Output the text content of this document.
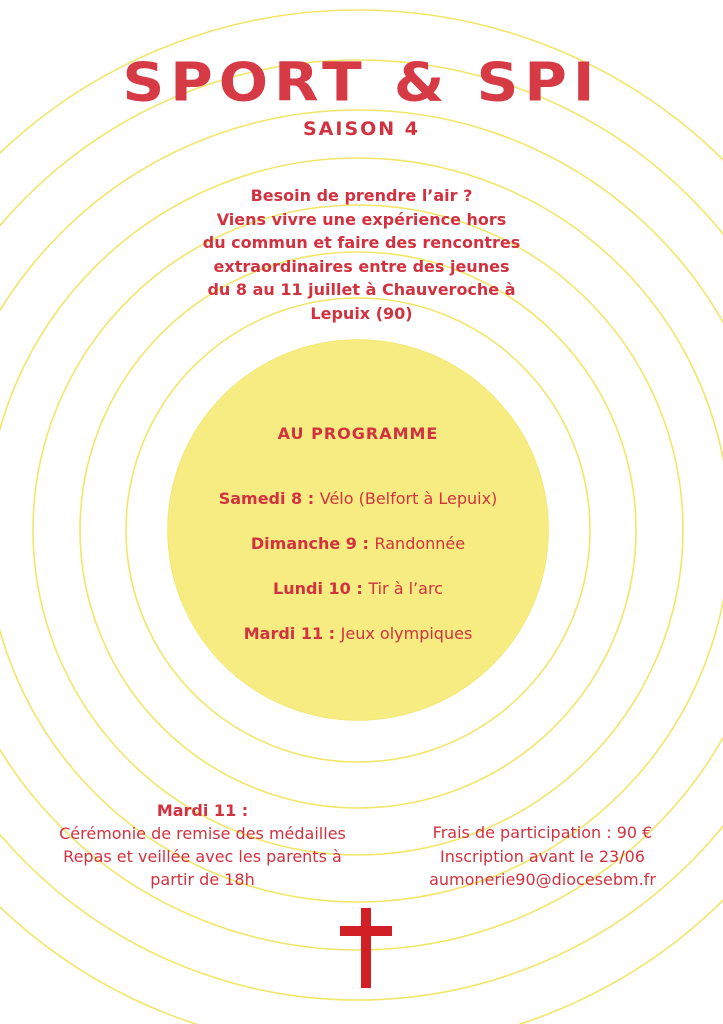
SPORT & SPI
SAISON 4
Besoin de prendre l’air ?
Viens vivre une expérience hors
du commun et faire des rencontres
extraordinaires entre des jeunes
du 8 au 11 juillet à Chauveroche à
Lepuix (90)
AU PROGRAMME
Samedi 8 : Vélo (Belfort à Lepuix)
Dimanche 9 : Randonnée
Lundi 10 : Tir à l’arc
Mardi 11 : Jeux olympiques
Mardi 11 :
Cérémonie de remise des médailles
Repas et veillée avec les parents à
partir de 18h
Frais de participation : 90 €
Inscription avant le 23/06
aumonerie90@diocesebm.fr
